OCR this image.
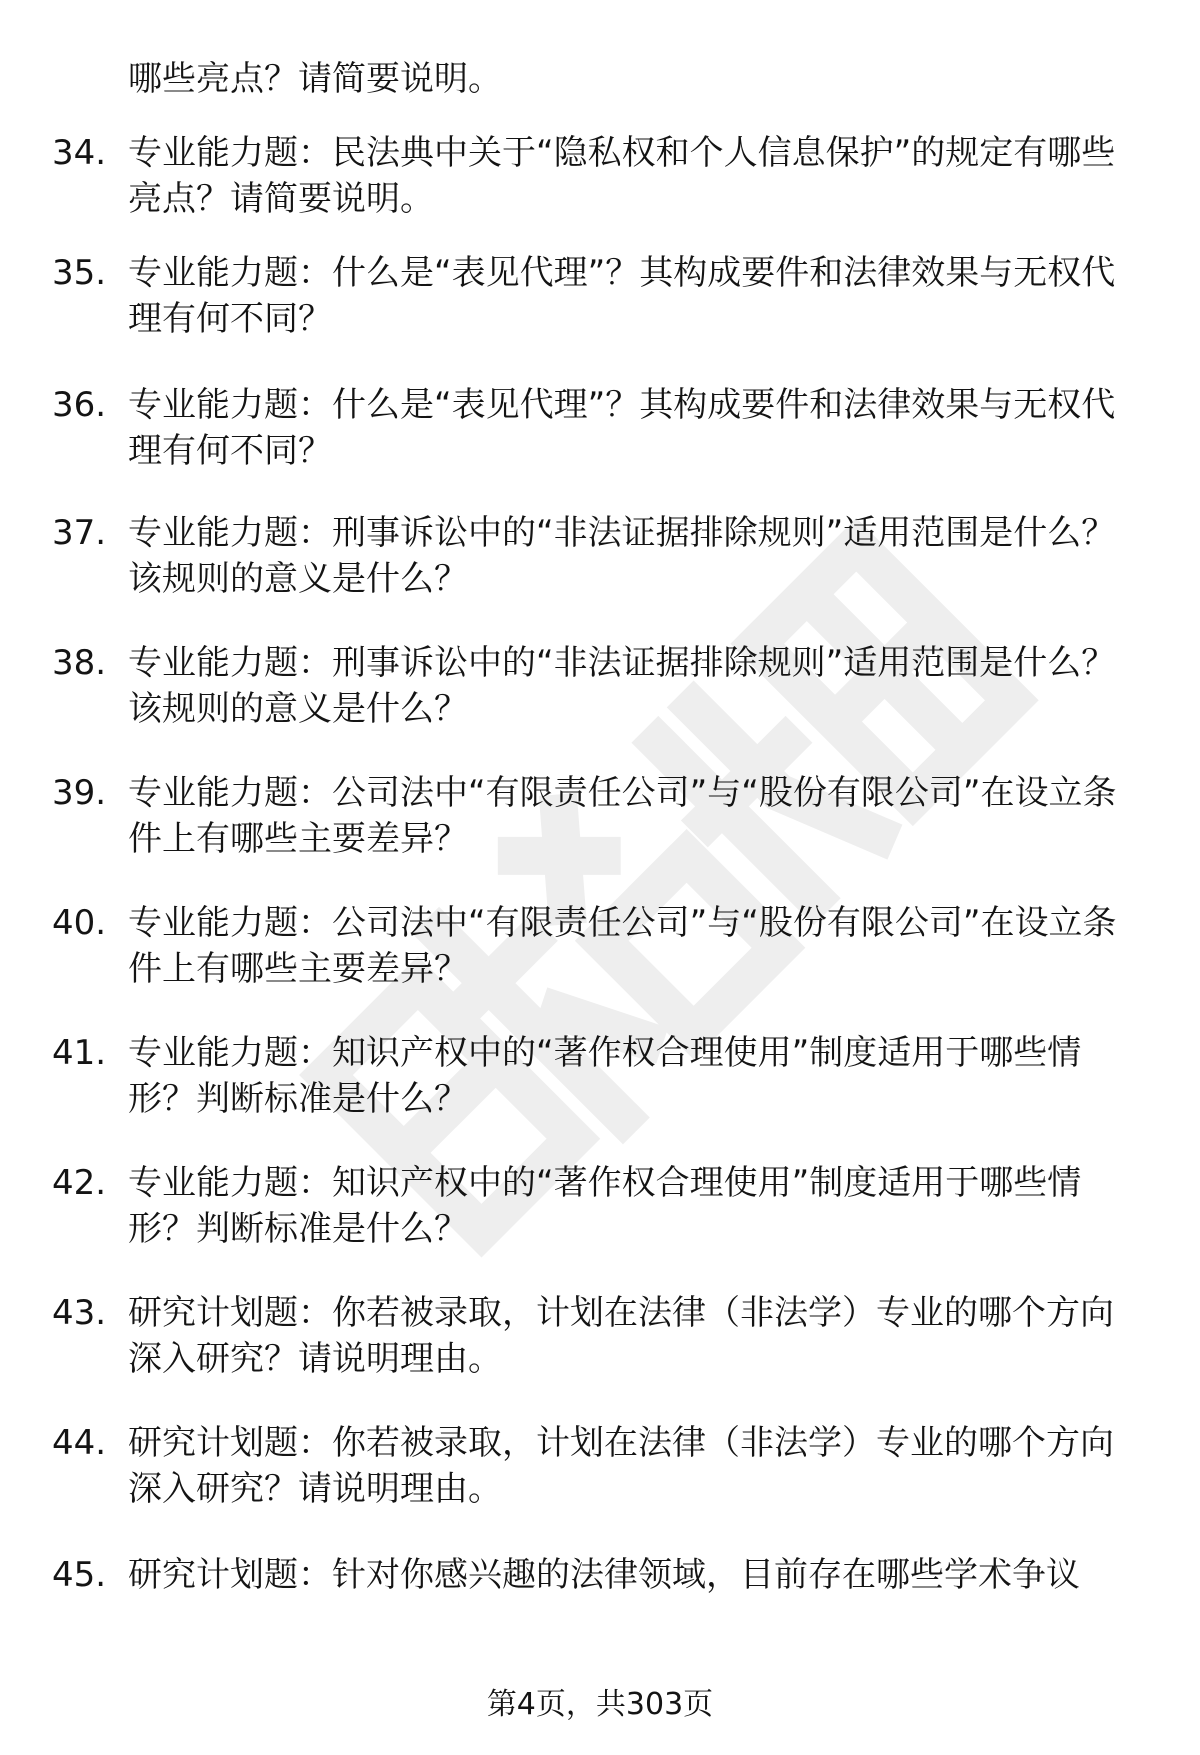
哪些亮点？请简要说明。
34. 专业能力题：民法典中关于“隐私权和个人信息保护”的规定有哪些亮点？请简要说明。
35. 专业能力题：什么是“表见代理”？其构成要件和法律效果与无权代理有何不同？
36. 专业能力题：什么是“表见代理”？其构成要件和法律效果与无权代理有何不同？
37. 专业能力题：刑事诉讼中的“非法证据排除规则”适用范围是什么？该规则的意义是什么？
38. 专业能力题：刑事诉讼中的“非法证据排除规则”适用范围是什么？该规则的意义是什么？
39. 专业能力题：公司法中“有限责任公司”与“股份有限公司”在设立条件上有哪些主要差异？
40. 专业能力题：公司法中“有限责任公司”与“股份有限公司”在设立条件上有哪些主要差异？
41. 专业能力题：知识产权中的“著作权合理使用”制度适用于哪些情形？判断标准是什么？
42. 专业能力题：知识产权中的“著作权合理使用”制度适用于哪些情形？判断标准是什么？
43. 研究计划题：你若被录取，计划在法律（非法学）专业的哪个方向深入研究？请说明理由。
44. 研究计划题：你若被录取，计划在法律（非法学）专业的哪个方向深入研究？请说明理由。
45. 研究计划题：针对你感兴趣的法律领域，目前存在哪些学术争议
第4页，共303页
